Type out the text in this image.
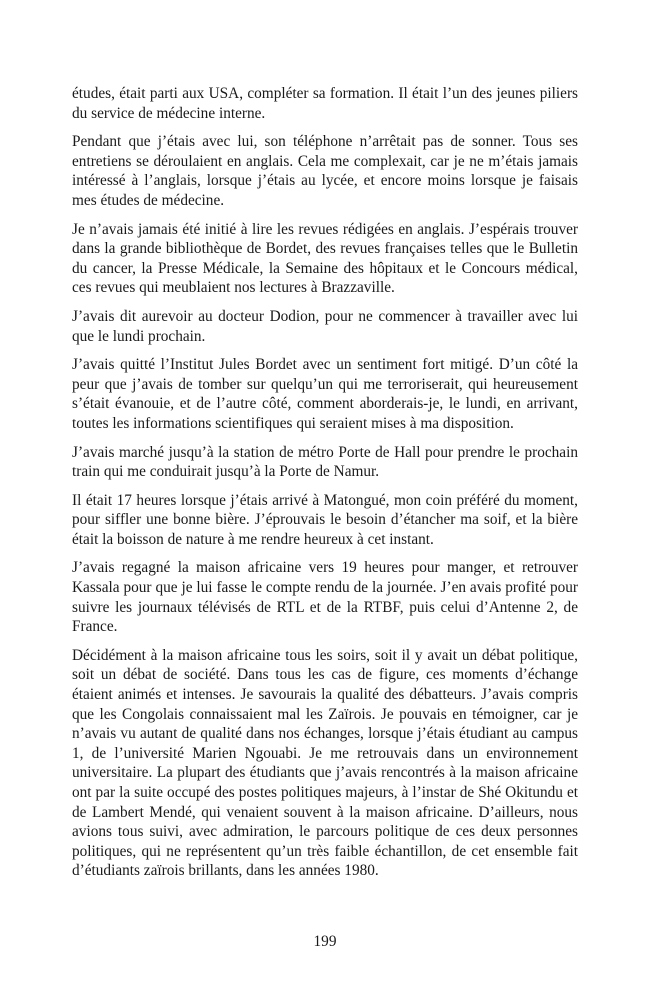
études, était parti aux USA, compléter sa formation. Il était l’un des jeunes piliers du service de médecine interne.

Pendant que j’étais avec lui, son téléphone n’arrêtait pas de sonner. Tous ses entretiens se déroulaient en anglais. Cela me complexait, car je ne m’étais jamais intéressé à l’anglais, lorsque j’étais au lycée, et encore moins lorsque je faisais mes études de médecine.

Je n’avais jamais été initié à lire les revues rédigées en anglais. J’espérais trouver dans la grande bibliothèque de Bordet, des revues françaises telles que le Bulletin du cancer, la Presse Médicale, la Semaine des hôpitaux et le Concours médical, ces revues qui meublaient nos lectures à Brazzaville.

J’avais dit aurevoir au docteur Dodion, pour ne commencer à travailler avec lui que le lundi prochain.

J’avais quitté l’Institut Jules Bordet avec un sentiment fort mitigé. D’un côté la peur que j’avais de tomber sur quelqu’un qui me terroriserait, qui heureusement s’était évanouie, et de l’autre côté, comment aborderais-je, le lundi, en arrivant, toutes les informations scientifiques qui seraient mises à ma disposition.

J’avais marché jusqu’à la station de métro Porte de Hall pour prendre le prochain train qui me conduirait jusqu’à la Porte de Namur.

Il était 17 heures lorsque j’étais arrivé à Matongué, mon coin préféré du moment, pour siffler une bonne bière. J’éprouvais le besoin d’étancher ma soif, et la bière était la boisson de nature à me rendre heureux à cet instant.

J’avais regagné la maison africaine vers 19 heures pour manger, et retrouver Kassala pour que je lui fasse le compte rendu de la journée. J’en avais profité pour suivre les journaux télévisés de RTL et de la RTBF, puis celui d’Antenne 2, de France.

Décidément à la maison africaine tous les soirs, soit il y avait un débat politique, soit un débat de société. Dans tous les cas de figure, ces moments d’échange étaient animés et intenses. Je savourais la qualité des débatteurs. J’avais compris que les Congolais connaissaient mal les Zaïrois. Je pouvais en témoigner, car je n’avais vu autant de qualité dans nos échanges, lorsque j’étais étudiant au campus 1, de l’université Marien Ngouabi. Je me retrouvais dans un environnement universitaire. La plupart des étudiants que j’avais rencontrés à la maison africaine ont par la suite occupé des postes politiques majeurs, à l’instar de Shé Okitundu et de Lambert Mendé, qui venaient souvent à la maison africaine. D’ailleurs, nous avions tous suivi, avec admiration, le parcours politique de ces deux personnes politiques, qui ne représentent qu’un très faible échantillon, de cet ensemble fait d’étudiants zaïrois brillants, dans les années 1980.

199
